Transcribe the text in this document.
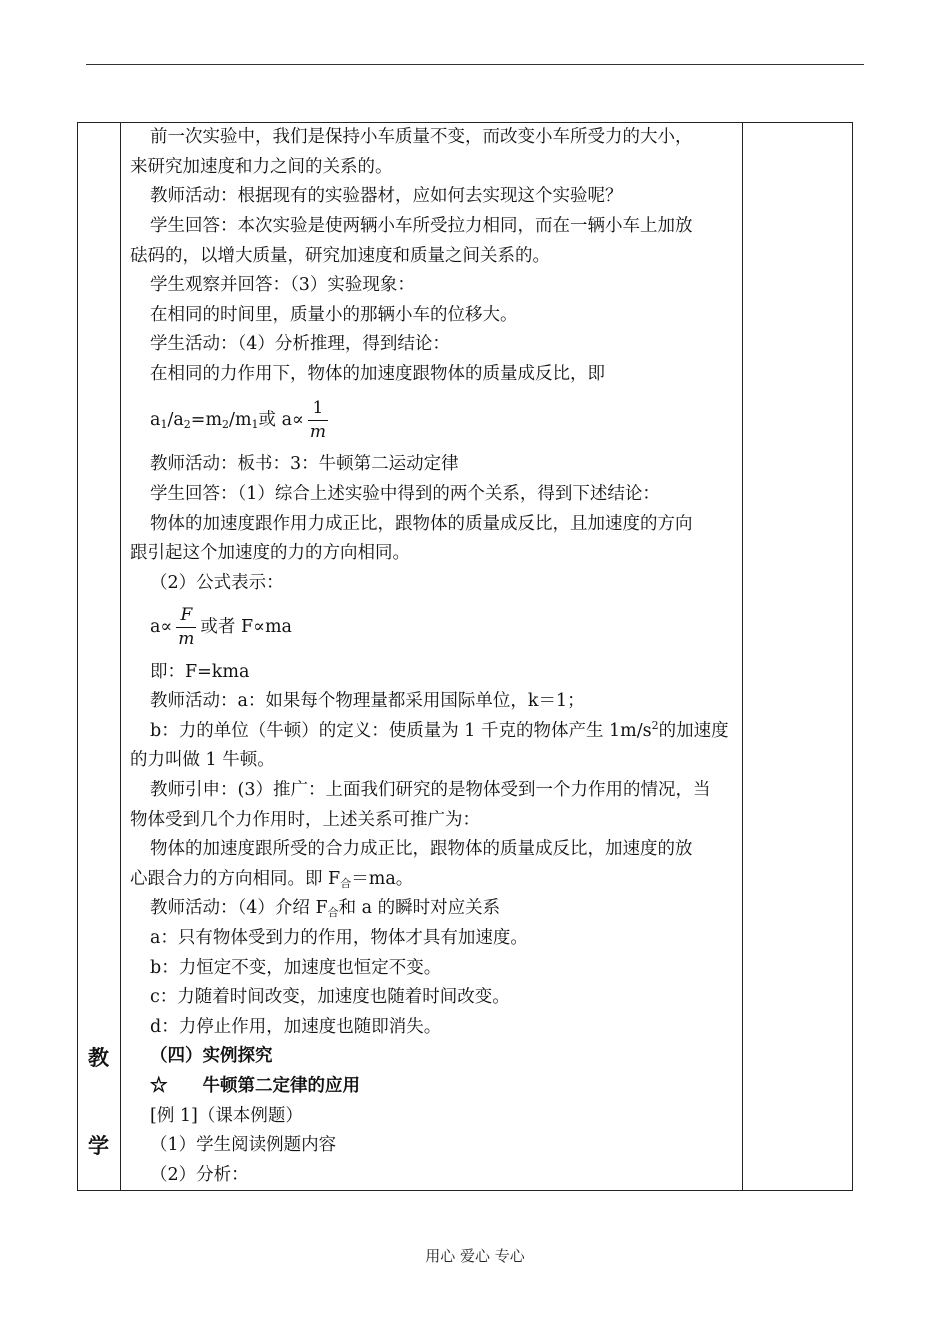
教
学
前一次实验中，我们是保持小车质量不变，而改变小车所受力的大小，
来研究加速度和力之间的关系的。
教师活动：根据现有的实验器材，应如何去实现这个实验呢？
学生回答：本次实验是使两辆小车所受拉力相同，而在一辆小车上加放
砝码的，以增大质量，研究加速度和质量之间关系的。
学生观察并回答：（3）实验现象：
在相同的时间里，质量小的那辆小车的位移大。
学生活动：（4）分析推理，得到结论：
在相同的力作用下，物体的加速度跟物体的质量成反比，即
a1/a2=m2/m1或 $a\propto \frac{1}{m}$
教师活动：板书：3：牛顿第二运动定律
学生回答：（1）综合上述实验中得到的两个关系，得到下述结论：
物体的加速度跟作用力成正比，跟物体的质量成反比，且加速度的方向
跟引起这个加速度的力的方向相同。
（2）公式表示：
$a\propto \frac{F}{m}$ 或者 F∝ma
即：F=kma
教师活动：a：如果每个物理量都采用国际单位，k＝1；
b：力的单位（牛顿）的定义：使质量为 1 千克的物体产生 $1m/s^2$的加速度
的力叫做 1 牛顿。
教师引申：(3）推广：上面我们研究的是物体受到一个力作用的情况，当
物体受到几个力作用时，上述关系可推广为：
物体的加速度跟所受的合力成正比，跟物体的质量成反比，加速度的放
心跟合力的方向相同。即 F合＝ma。
教师活动：（4）介绍 F合和 a 的瞬时对应关系
a：只有物体受到力的作用，物体才具有加速度。
b：力恒定不变，加速度也恒定不变。
c：力随着时间改变，加速度也随着时间改变。
d：力停止作用，加速度也随即消失。
（四）实例探究
☆　　牛顿第二定律的应用
[例 1]（课本例题）
（1）学生阅读例题内容
（2）分析：
用心 爱心 专心
